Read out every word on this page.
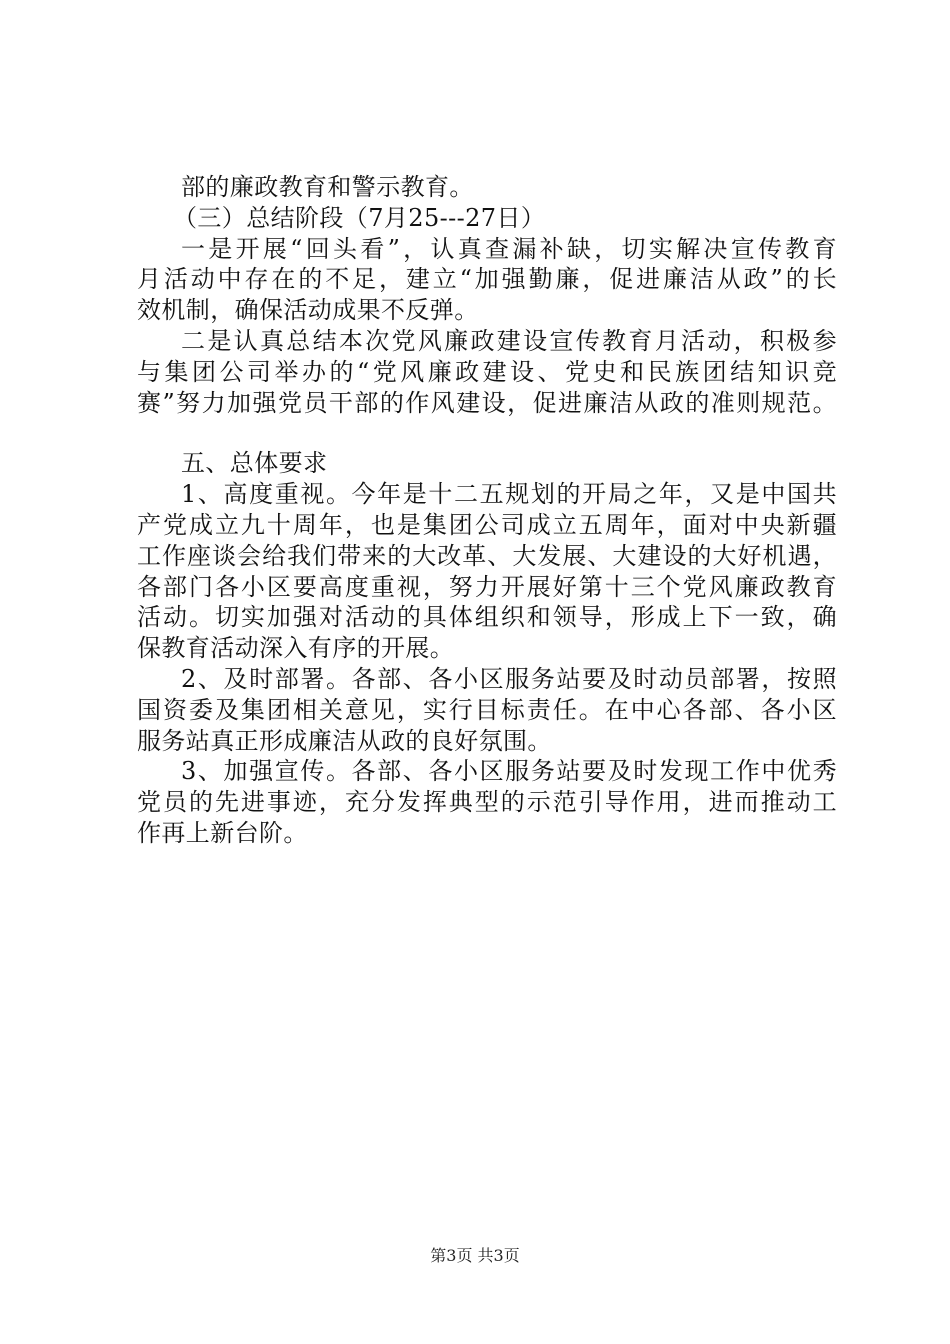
部的廉政教育和警示教育。
（三）总结阶段（7月25---27日）
一是开展“回头看”，认真查漏补缺，切实解决宣传教育
月活动中存在的不足，建立“加强勤廉，促进廉洁从政”的长
效机制，确保活动成果不反弹。
二是认真总结本次党风廉政建设宣传教育月活动，积极参
与集团公司举办的“党风廉政建设、党史和民族团结知识竞
赛”努力加强党员干部的作风建设，促进廉洁从政的准则规范。
五、总体要求
1、高度重视。今年是十二五规划的开局之年，又是中国共
产党成立九十周年，也是集团公司成立五周年，面对中央新疆
工作座谈会给我们带来的大改革、大发展、大建设的大好机遇，
各部门各小区要高度重视，努力开展好第十三个党风廉政教育
活动。切实加强对活动的具体组织和领导，形成上下一致，确
保教育活动深入有序的开展。
2、及时部署。各部、各小区服务站要及时动员部署，按照
国资委及集团相关意见，实行目标责任。在中心各部、各小区
服务站真正形成廉洁从政的良好氛围。
3、加强宣传。各部、各小区服务站要及时发现工作中优秀
党员的先进事迹，充分发挥典型的示范引导作用，进而推动工
作再上新台阶。
第3页 共3页
